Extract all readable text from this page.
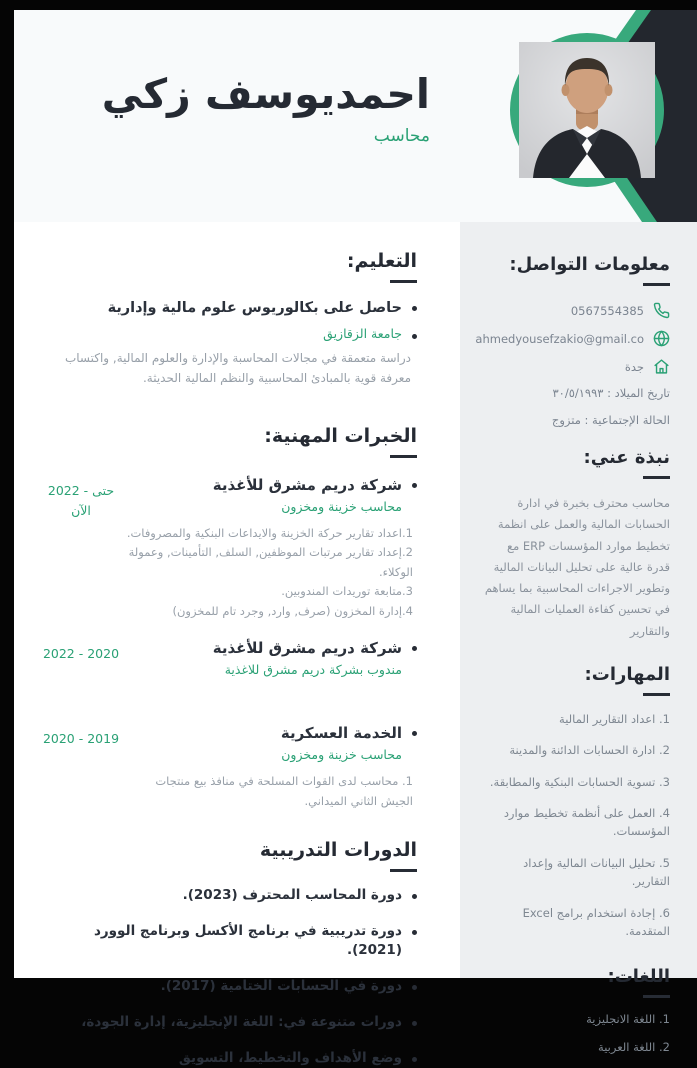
احمديوسف زكي
محاسب
التعليم:
حاصل على بكالوريوس علوم مالية وإدارية
جامعة الزقازيق
دراسة متعمقة في مجالات المحاسبة والإدارة والعلوم المالية, واكتساب معرفة قوية بالمبادئ المحاسبية والنظم المالية الحديثة.
الخبرات المهنية:
شركة دريم مشرق للأغذية
محاسب خزينة ومخزون
1.اعداد تقارير حركة الخزينة والايداعات البنكية والمصروفات.
2.إعداد تقارير مرتبات الموظفين, السلف, التأمينات, وعمولة الوكلاء.
3.متابعة توريدات المندوبين.
4.إدارة المخزون (صرف, وارد, وجرد تام للمخزون)
2022 - حتى الآن
شركة دريم مشرق للأغذية
مندوب بشركة دريم مشرق للاغذية
2022 - 2020
الخدمة العسكرية
محاسب خزينة ومخزون
1. محاسب لدى القوات المسلحة في منافذ بيع منتجات الجيش الثاني الميداني.
2020 - 2019
الدورات التدريبية
دورة المحاسب المحترف (2023).
دورة تدريبية في برنامج الأكسل وبرنامج الوورد (2021).
دورة في الحسابات الختامية (2017).
دورات متنوعة في: اللغة الإنجليزية، إدارة الجودة،
وضع الأهداف والتخطيط، التسويق
معلومات التواصل:
0567554385
ahmedyousefzakio@gmail.co
جدة
تاريخ الميلاد : ٣٠/٥/١٩٩٣
الحالة الإجتماعية : متزوج
نبذة عني:
محاسب محترف بخبرة في ادارة الحسابات المالية والعمل على انظمة تخطيط موارد المؤسسات ERP مع قدرة عالية على تحليل البيانات المالية وتطوير الاجراءات المحاسبية بما يساهم في تحسين كفاءة العمليات المالية والتقارير
المهارات:
1. اعداد التقارير المالية
2. ادارة الحسابات الدائنة والمدينة
3. تسوية الحسابات البنكية والمطابقة.
4. العمل على أنظمة تخطيط موارد المؤسسات.
5. تحليل البيانات المالية وإعداد التقارير.
6. إجادة استخدام برامج Excel المتقدمة.
اللغات:
1. اللغة الانجليزية
2. اللغة العربية
